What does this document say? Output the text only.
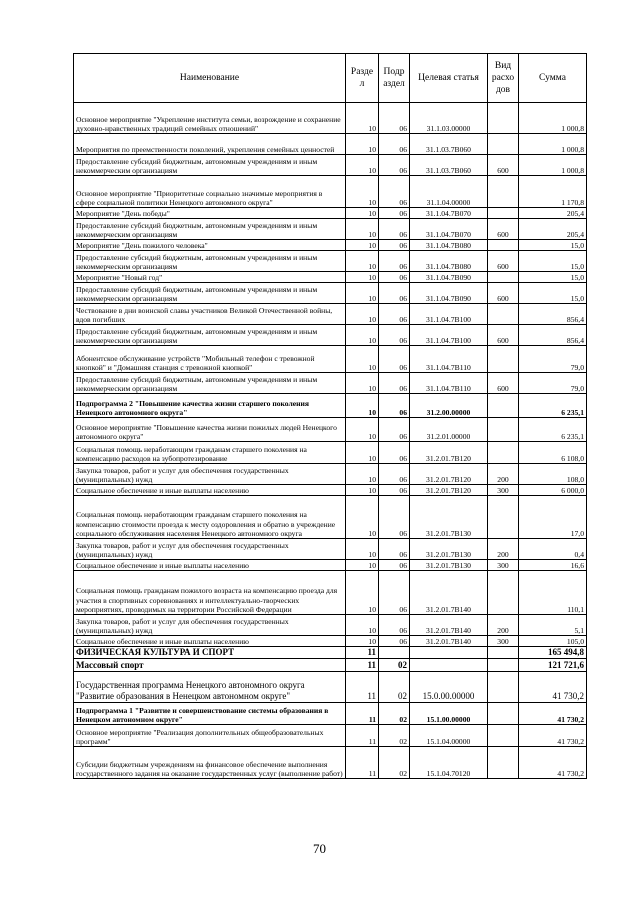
Наименование	Разде л	Подр аздел	Целевая статья	Вид расхо дов	Сумма
Основное мероприятие "Укрепление института семьи, возрождение и сохранение духовно-нравственных традиций семейных отношений"	10	06	31.1.03.00000		1 000,8
Мероприятия по преемственности поколений, укрепления семейных ценностей	10	06	31.1.03.7B060		1 000,8
Предоставление субсидий бюджетным, автономным учреждениям и иным некоммерческим организациям	10	06	31.1.03.7B060	600	1 000,8
Основное мероприятие "Приоритетные социально значимые мероприятия в сфере социальной политики Ненецкого автономного округа"	10	06	31.1.04.00000		1 170,8
Мероприятие "День победы"	10	06	31.1.04.7B070		205,4
Предоставление субсидий бюджетным, автономным учреждениям и иным некоммерческим организациям	10	06	31.1.04.7B070	600	205,4
Мероприятие "День пожилого человека"	10	06	31.1.04.7B080		15,0
Предоставление субсидий бюджетным, автономным учреждениям и иным некоммерческим организациям	10	06	31.1.04.7B080	600	15,0
Мероприятие "Новый год"	10	06	31.1.04.7B090		15,0
Предоставление субсидий бюджетным, автономным учреждениям и иным некоммерческим организациям	10	06	31.1.04.7B090	600	15,0
Чествование в дни воинской славы участников Великой Отечественной войны, вдов погибших	10	06	31.1.04.7B100		856,4
Предоставление субсидий бюджетным, автономным учреждениям и иным некоммерческим организациям	10	06	31.1.04.7B100	600	856,4
Абонентское обслуживание устройств "Мобильный телефон с тревожной кнопкой" и "Домашняя станция с тревожной кнопкой"	10	06	31.1.04.7B110		79,0
Предоставление субсидий бюджетным, автономным учреждениям и иным некоммерческим организациям	10	06	31.1.04.7B110	600	79,0
Подпрограмма 2 "Повышение качества жизни старшего поколения Ненецкого автономного округа"	10	06	31.2.00.00000		6 235,1
Основное мероприятие "Повышение качества жизни пожилых людей Ненецкого автономного округа"	10	06	31.2.01.00000		6 235,1
Социальная помощь неработающим гражданам старшего поколения на компенсацию расходов на зубопротезирование	10	06	31.2.01.7B120		6 108,0
Закупка товаров, работ и услуг для обеспечения государственных (муниципальных) нужд	10	06	31.2.01.7B120	200	108,0
Социальное обеспечение и иные выплаты населению	10	06	31.2.01.7B120	300	6 000,0
Социальная помощь неработающим гражданам старшего поколения на компенсацию стоимости проезда к месту оздоровления и обратно в учреждение социального обслуживания населения Ненецкого автономного округа	10	06	31.2.01.7B130		17,0
Закупка товаров, работ и услуг для обеспечения государственных (муниципальных) нужд	10	06	31.2.01.7B130	200	0,4
Социальное обеспечение и иные выплаты населению	10	06	31.2.01.7B130	300	16,6
Социальная помощь гражданам пожилого возраста на компенсацию проезда для участия в спортивных соревнованиях и интеллектуально-творческих мероприятиях, проводимых на территории Российской Федерации	10	06	31.2.01.7B140		110,1
Закупка товаров, работ и услуг для обеспечения государственных (муниципальных) нужд	10	06	31.2.01.7B140	200	5,1
Социальное обеспечение и иные выплаты населению	10	06	31.2.01.7B140	300	105,0
ФИЗИЧЕСКАЯ КУЛЬТУРА И СПОРТ	11				165 494,8
Массовый спорт	11	02			121 721,6
Государственная программа Ненецкого автономного округа "Развитие образования в Ненецком автономном округе"	11	02	15.0.00.00000		41 730,2
Подпрограмма 1 "Развитие и совершенствование системы образования в Ненецком автономном округе"	11	02	15.1.00.00000		41 730,2
Основное мероприятие "Реализация дополнительных общеобразовательных программ"	11	02	15.1.04.00000		41 730,2
Субсидии бюджетным учреждениям на финансовое обеспечение выполнения государственного задания на оказание государственных услуг (выполнение работ)	11	02	15.1.04.70120		41 730,2
70
